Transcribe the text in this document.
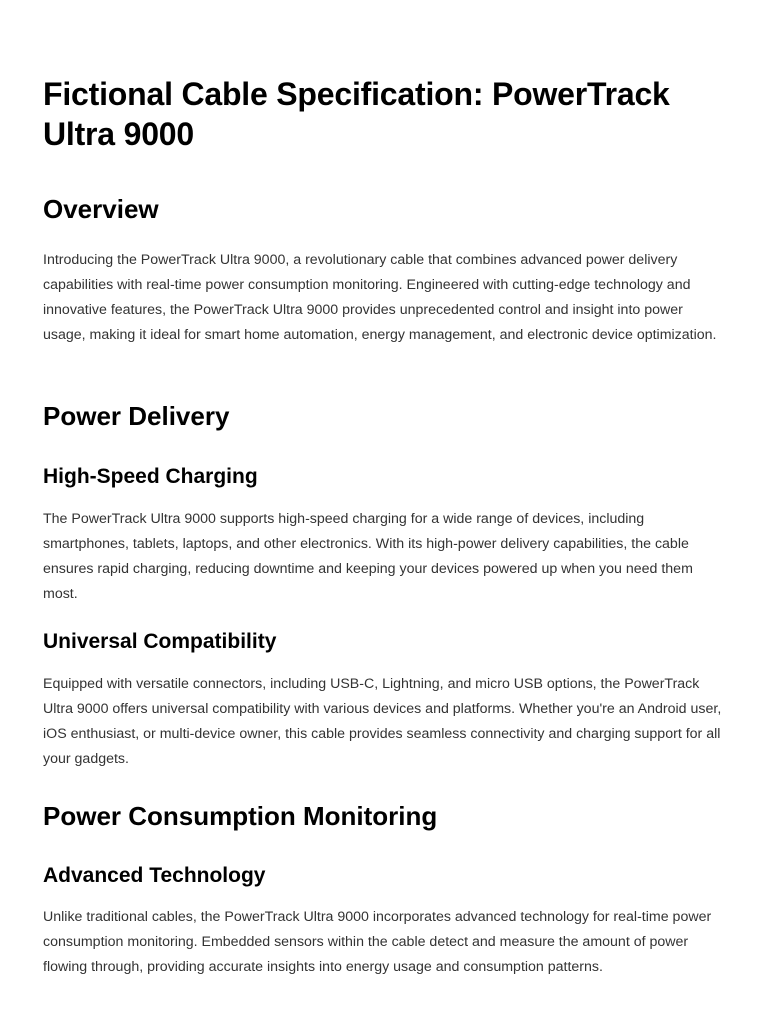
Fictional Cable Specification: PowerTrack Ultra 9000
Overview

Introducing the PowerTrack Ultra 9000, a revolutionary cable that combines advanced power delivery capabilities with real-time power consumption monitoring. Engineered with cutting-edge technology and innovative features, the PowerTrack Ultra 9000 provides unprecedented control and insight into power usage, making it ideal for smart home automation, energy management, and electronic device optimization.

Power Delivery
High-Speed Charging

The PowerTrack Ultra 9000 supports high-speed charging for a wide range of devices, including smartphones, tablets, laptops, and other electronics. With its high-power delivery capabilities, the cable ensures rapid charging, reducing downtime and keeping your devices powered up when you need them most.

Universal Compatibility

Equipped with versatile connectors, including USB-C, Lightning, and micro USB options, the PowerTrack Ultra 9000 offers universal compatibility with various devices and platforms. Whether you're an Android user, iOS enthusiast, or multi-device owner, this cable provides seamless connectivity and charging support for all your gadgets.

Power Consumption Monitoring
Advanced Technology

Unlike traditional cables, the PowerTrack Ultra 9000 incorporates advanced technology for real-time power consumption monitoring. Embedded sensors within the cable detect and measure the amount of power flowing through, providing accurate insights into energy usage and consumption patterns.
